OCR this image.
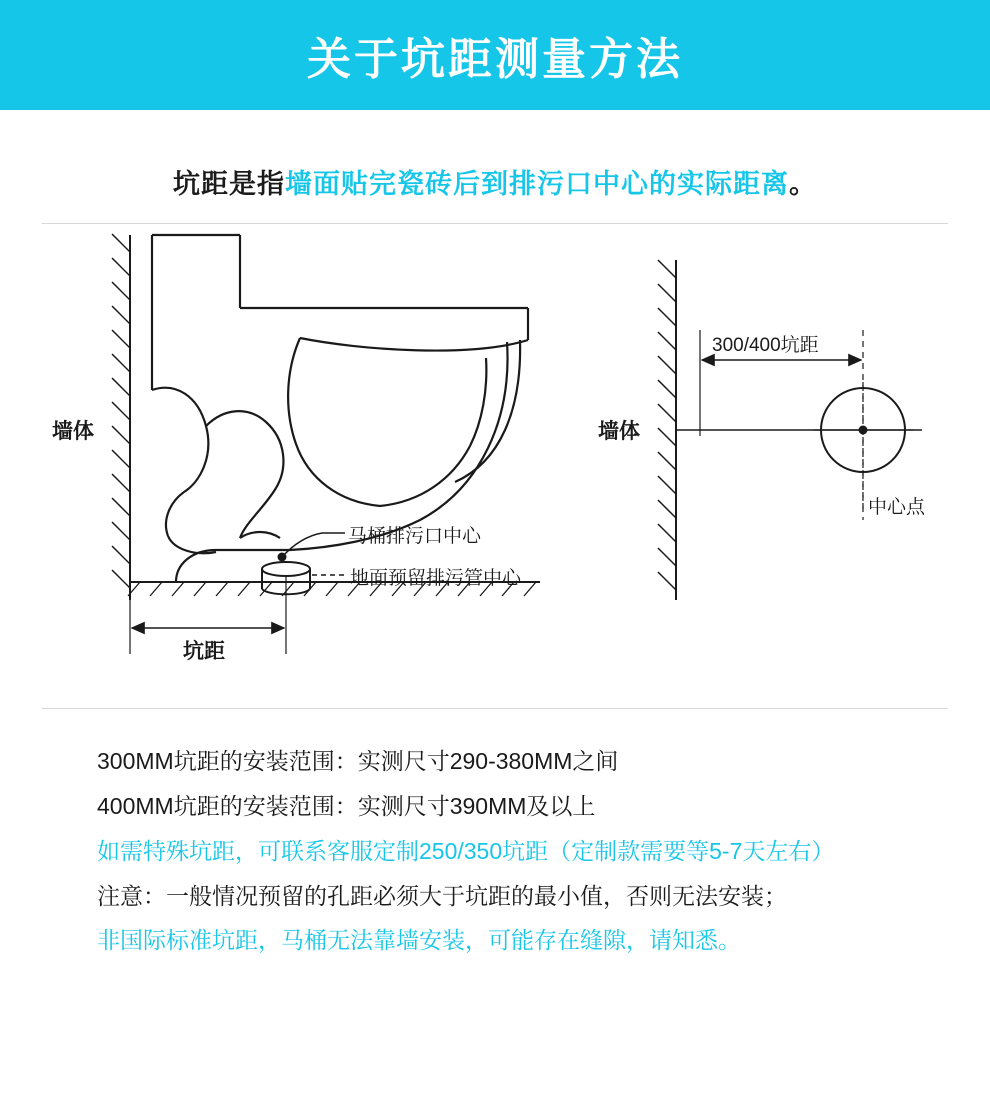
关于坑距测量方法
坑距是指墙面贴完瓷砖后到排污口中心的实际距离。
墙体
马桶排污口中心
地面预留排污管中心
坑距
墙体
300/400坑距
中心点
300MM坑距的安装范围：实测尺寸290-380MM之间
400MM坑距的安装范围：实测尺寸390MM及以上
如需特殊坑距，可联系客服定制250/350坑距（定制款需要等5-7天左右）
注意：一般情况预留的孔距必须大于坑距的最小值，否则无法安装；
非国际标准坑距，马桶无法靠墙安装，可能存在缝隙，请知悉。
